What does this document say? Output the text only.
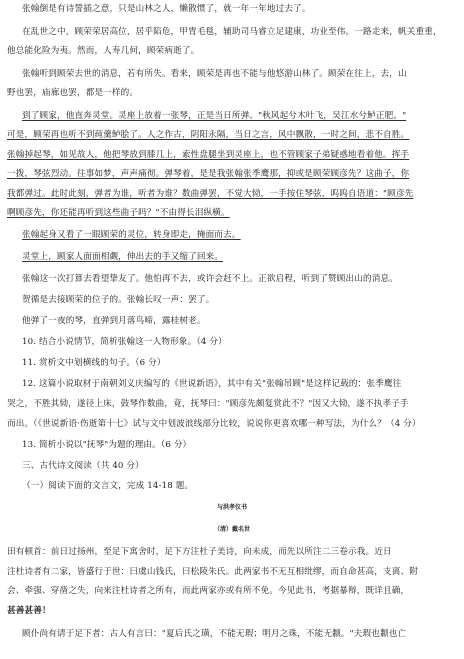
张翰倒是有诗誓插之意，只是山林之人，懒散惯了，就一年一年地过去了。
在乱世之中，顾荣荣居高位，居乎陷危，甲胄毛毯，辅助司马睿立足建康，功业至伟。一路走来，帆关重重，
他总能化险为夷。然而，人寿几何，顾荣病逝了。
张翰听到顾荣去世的消息，若有所失。看来，顾荣是再也不能与他悠游山林了。顾荣在往上，去，山
野也罢，庙廊也罢，都是一样的。
到了顾家，他直奔灵堂。灵座上放着一张琴，正是当日所弹。"秋风起兮木叶飞，吴江水兮鲈正肥。"
可是，顾荣再也听不到莼羹鲈脍了。人之作古，阴阳永隔，当日之言，风中飘散，一时之间，悲不自胜。
张翰掉起琴，如见故人，他把琴放到膝几上，索性盘腿坐到灵座上，也不管顾家子弟疑惑地看着他。挥手
一拨，琴弦烈动。往事如梦，声声痛彻。弹琴着，是是我张翰张季鹰那，抑或是顾荣顾彦先？这曲子，你
我都弹过。此时此刻，弹者为谁，听者为谁？数曲弹罢，不觉大恸，一手按住琴弦，呜呜自语道："顾彦先
啊顾彦先，你还能再听到这些曲子吗？"不由得长泪纵横。
张翰起身又看了一眼顾荣的灵位，转身即走，掩面而去。
灵堂上，顾家人面面相觑，伸出去的手又缩了回来。
张翰这一次打算去看望挚友了。他怕再不去，或许会赶不上。正欲启程，听到了赞顾出山的消息。
贺循是去接顾荣的位子的。张翰长叹一声：罢了。
他弹了一夜的琴，直弹到月落鸟啼，露桂树老。
10. 结合小说情节，简析张翰这一人物形象。（4 分）
11. 赏析文中划横线的句子。（6 分）
12. 这篇小说取材于南朝刘义庆编写的《世说新语》，其中有关"张翰吊顾"是这样记载的：张季鹰往
哭之，不胜其恸，遂径上床，鼓琴作数曲，竟，抚琴曰："顾彦先颇复赏此不？"因又大恸，遂不执孝子手
而出。（《世说新语·伤逝第十七》试与文中划波浪线部分比较，说说你更喜欢哪一种写法，为什么？（4 分）
13. 简析小说以"抚琴"为题的理由。（6 分）
三、古代诗文阅读（共 40 分）
（一）阅读下面的文言文，完成 14-18 题。
与洪孝仪书
（清）戴名世
田有顿首：前日过扬州，至足下寓舍时，足下方注杜子美诗，向未成，而先以所注二三卷示我。近日
注杜诗者有二家，皆盛行于世：曰虞山钱氏，曰松陵朱氏。此两家书不无互相纰缪，而自命甚高，支离、附
会、牵强、穿凿之失，向来注杜诗者之所有，而此两家亦或有所不免。今见此书，考据暴辩，既详且确，
甚善甚善！
顾仆尚有请于足下者：古人有言曰："夏后氏之璜，不能无瑕；明月之珠，不能无颣。"夫瑕也颣也亡
